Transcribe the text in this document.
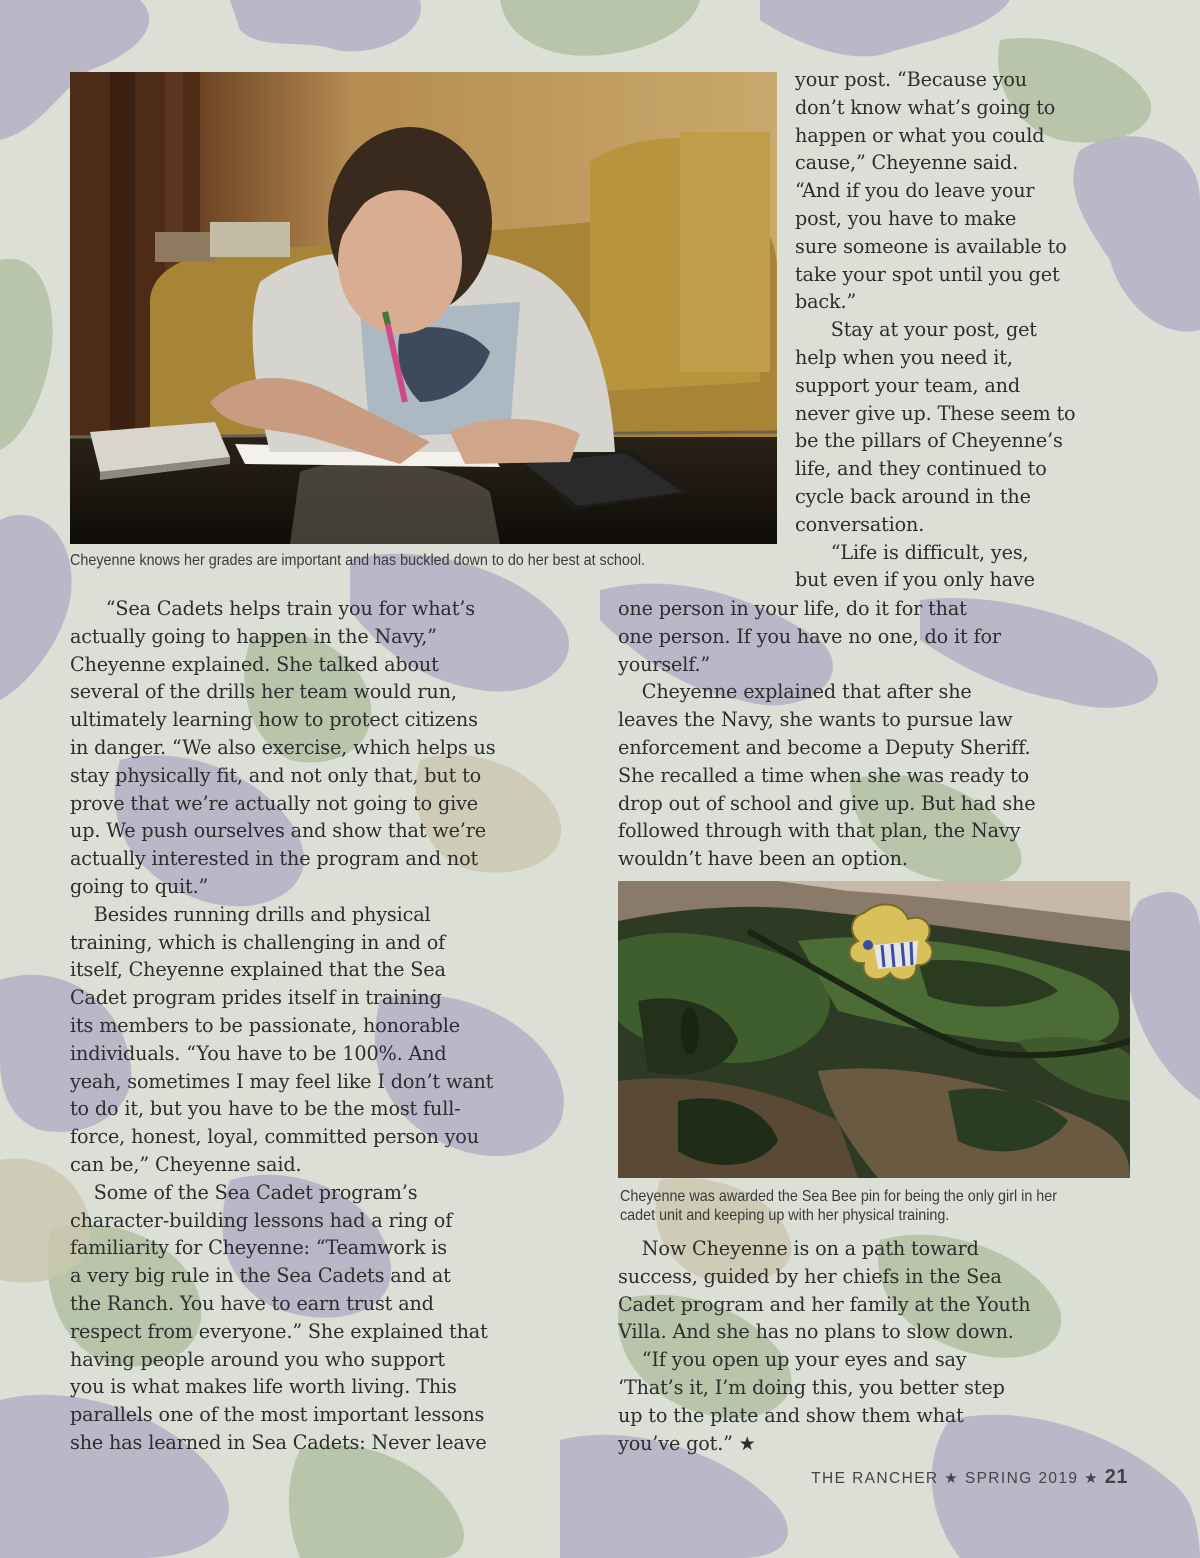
Cheyenne knows her grades are important and has buckled down to do her best at school.
your post. “Because you
don’t know what’s going to
happen or what you could
cause,” Cheyenne said.
“And if you do leave your
post, you have to make
sure someone is available to
take your spot until you get
back.”
Stay at your post, get
help when you need it,
support your team, and
never give up. These seem to
be the pillars of Cheyenne’s
life, and they continued to
cycle back around in the
conversation.
“Life is difficult, yes,
but even if you only have
“Sea Cadets helps train you for what’s
actually going to happen in the Navy,”
Cheyenne explained. She talked about
several of the drills her team would run,
ultimately learning how to protect citizens
in danger. “We also exercise, which helps us
stay physically fit, and not only that, but to
prove that we’re actually not going to give
up. We push ourselves and show that we’re
actually interested in the program and not
going to quit.”
Besides running drills and physical
training, which is challenging in and of
itself, Cheyenne explained that the Sea
Cadet program prides itself in training
its members to be passionate, honorable
individuals. “You have to be 100%. And
yeah, sometimes I may feel like I don’t want
to do it, but you have to be the most full-
force, honest, loyal, committed person you
can be,” Cheyenne said.
Some of the Sea Cadet program’s
character-building lessons had a ring of
familiarity for Cheyenne: “Teamwork is
a very big rule in the Sea Cadets and at
the Ranch. You have to earn trust and
respect from everyone.” She explained that
having people around you who support
you is what makes life worth living. This
parallels one of the most important lessons
she has learned in Sea Cadets: Never leave
one person in your life, do it for that
one person. If you have no one, do it for
yourself.”
Cheyenne explained that after she
leaves the Navy, she wants to pursue law
enforcement and become a Deputy Sheriff.
She recalled a time when she was ready to
drop out of school and give up. But had she
followed through with that plan, the Navy
wouldn’t have been an option.
Cheyenne was awarded the Sea Bee pin for being the only girl in her
cadet unit and keeping up with her physical training.
Now Cheyenne is on a path toward
success, guided by her chiefs in the Sea
Cadet program and her family at the Youth
Villa. And she has no plans to slow down.
“If you open up your eyes and say
‘That’s it, I’m doing this, you better step
up to the plate and show them what
you’ve got.” ★
THE RANCHER ★ SPRING 2019 ★ 21
